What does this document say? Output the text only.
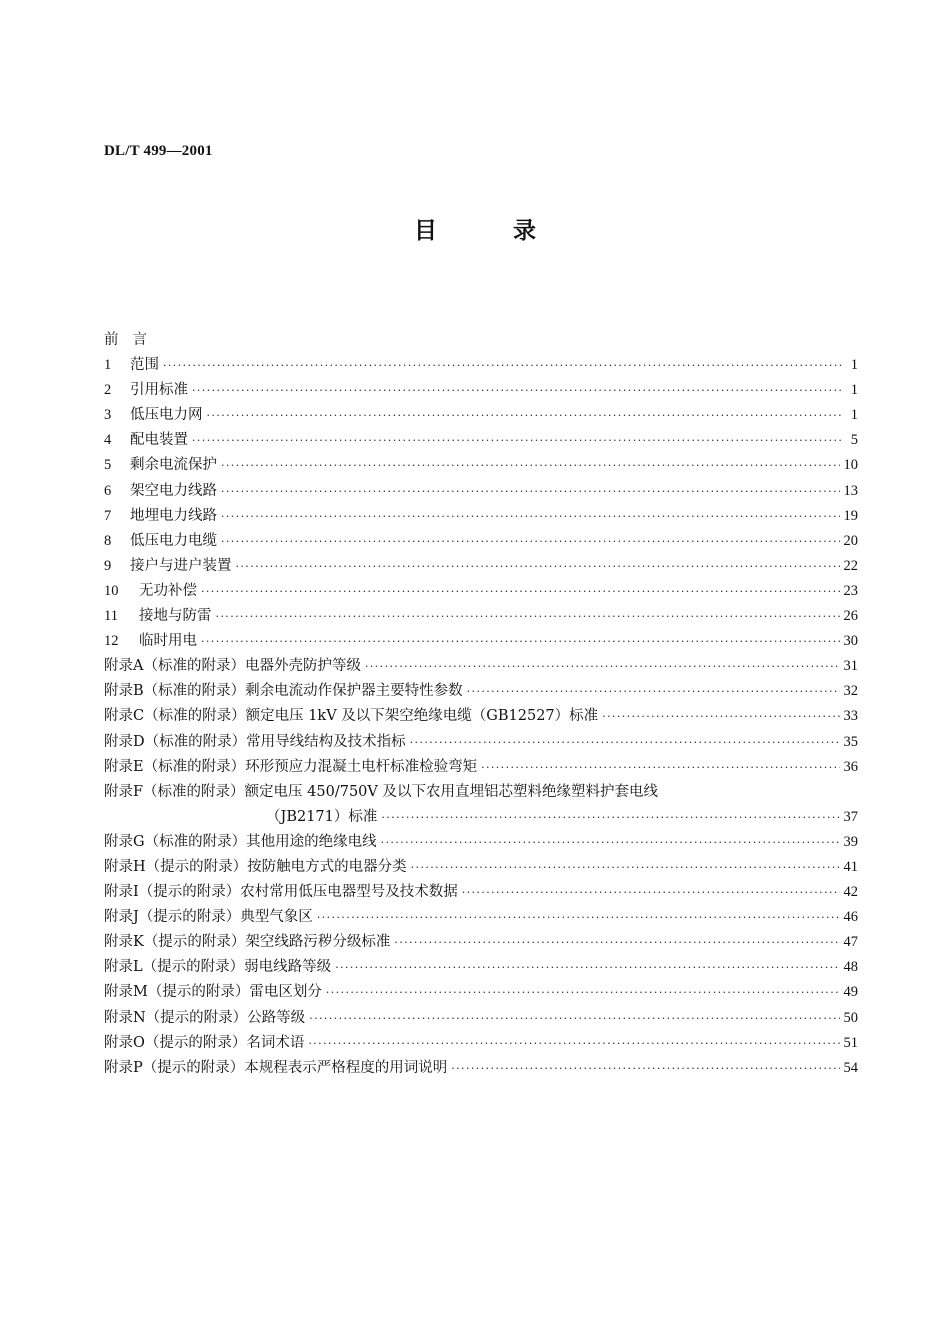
DL/T 499—2001
目	录
前言
1	范围 ·····	1
2	引用标准 ·····	1
3	低压电力网 ·····	1
4	配电装置 ·····	5
5	剩余电流保护 ·····	10
6	架空电力线路 ·····	13
7	地埋电力线路 ·····	19
8	低压电力电缆 ·····	20
9	接户与进户装置 ·····	22
10	无功补偿 ·····	23
11	接地与防雷 ·····	26
12	临时用电 ·····	30
附录A（标准的附录）电器外壳防护等级 ·····	31
附录B（标准的附录）剩余电流动作保护器主要特性参数 ·····	32
附录C（标准的附录）额定电压 1kV 及以下架空绝缘电缆（GB12527）标准 ·····	33
附录D（标准的附录）常用导线结构及技术指标 ·····	35
附录E（标准的附录）环形预应力混凝土电杆标准检验弯矩 ·····	36
附录F（标准的附录）额定电压 450/750V 及以下农用直埋铝芯塑料绝缘塑料护套电线
（JB2171）标准 ·····	37
附录G（标准的附录）其他用途的绝缘电线 ·····	39
附录H（提示的附录）按防触电方式的电器分类 ·····	41
附录I（提示的附录）农村常用低压电器型号及技术数据 ·····	42
附录J（提示的附录）典型气象区 ·····	46
附录K（提示的附录）架空线路污秽分级标准 ·····	47
附录L（提示的附录）弱电线路等级 ·····	48
附录M（提示的附录）雷电区划分 ·····	49
附录N（提示的附录）公路等级 ·····	50
附录O（提示的附录）名词术语 ·····	51
附录P（提示的附录）本规程表示严格程度的用词说明 ·····	54
